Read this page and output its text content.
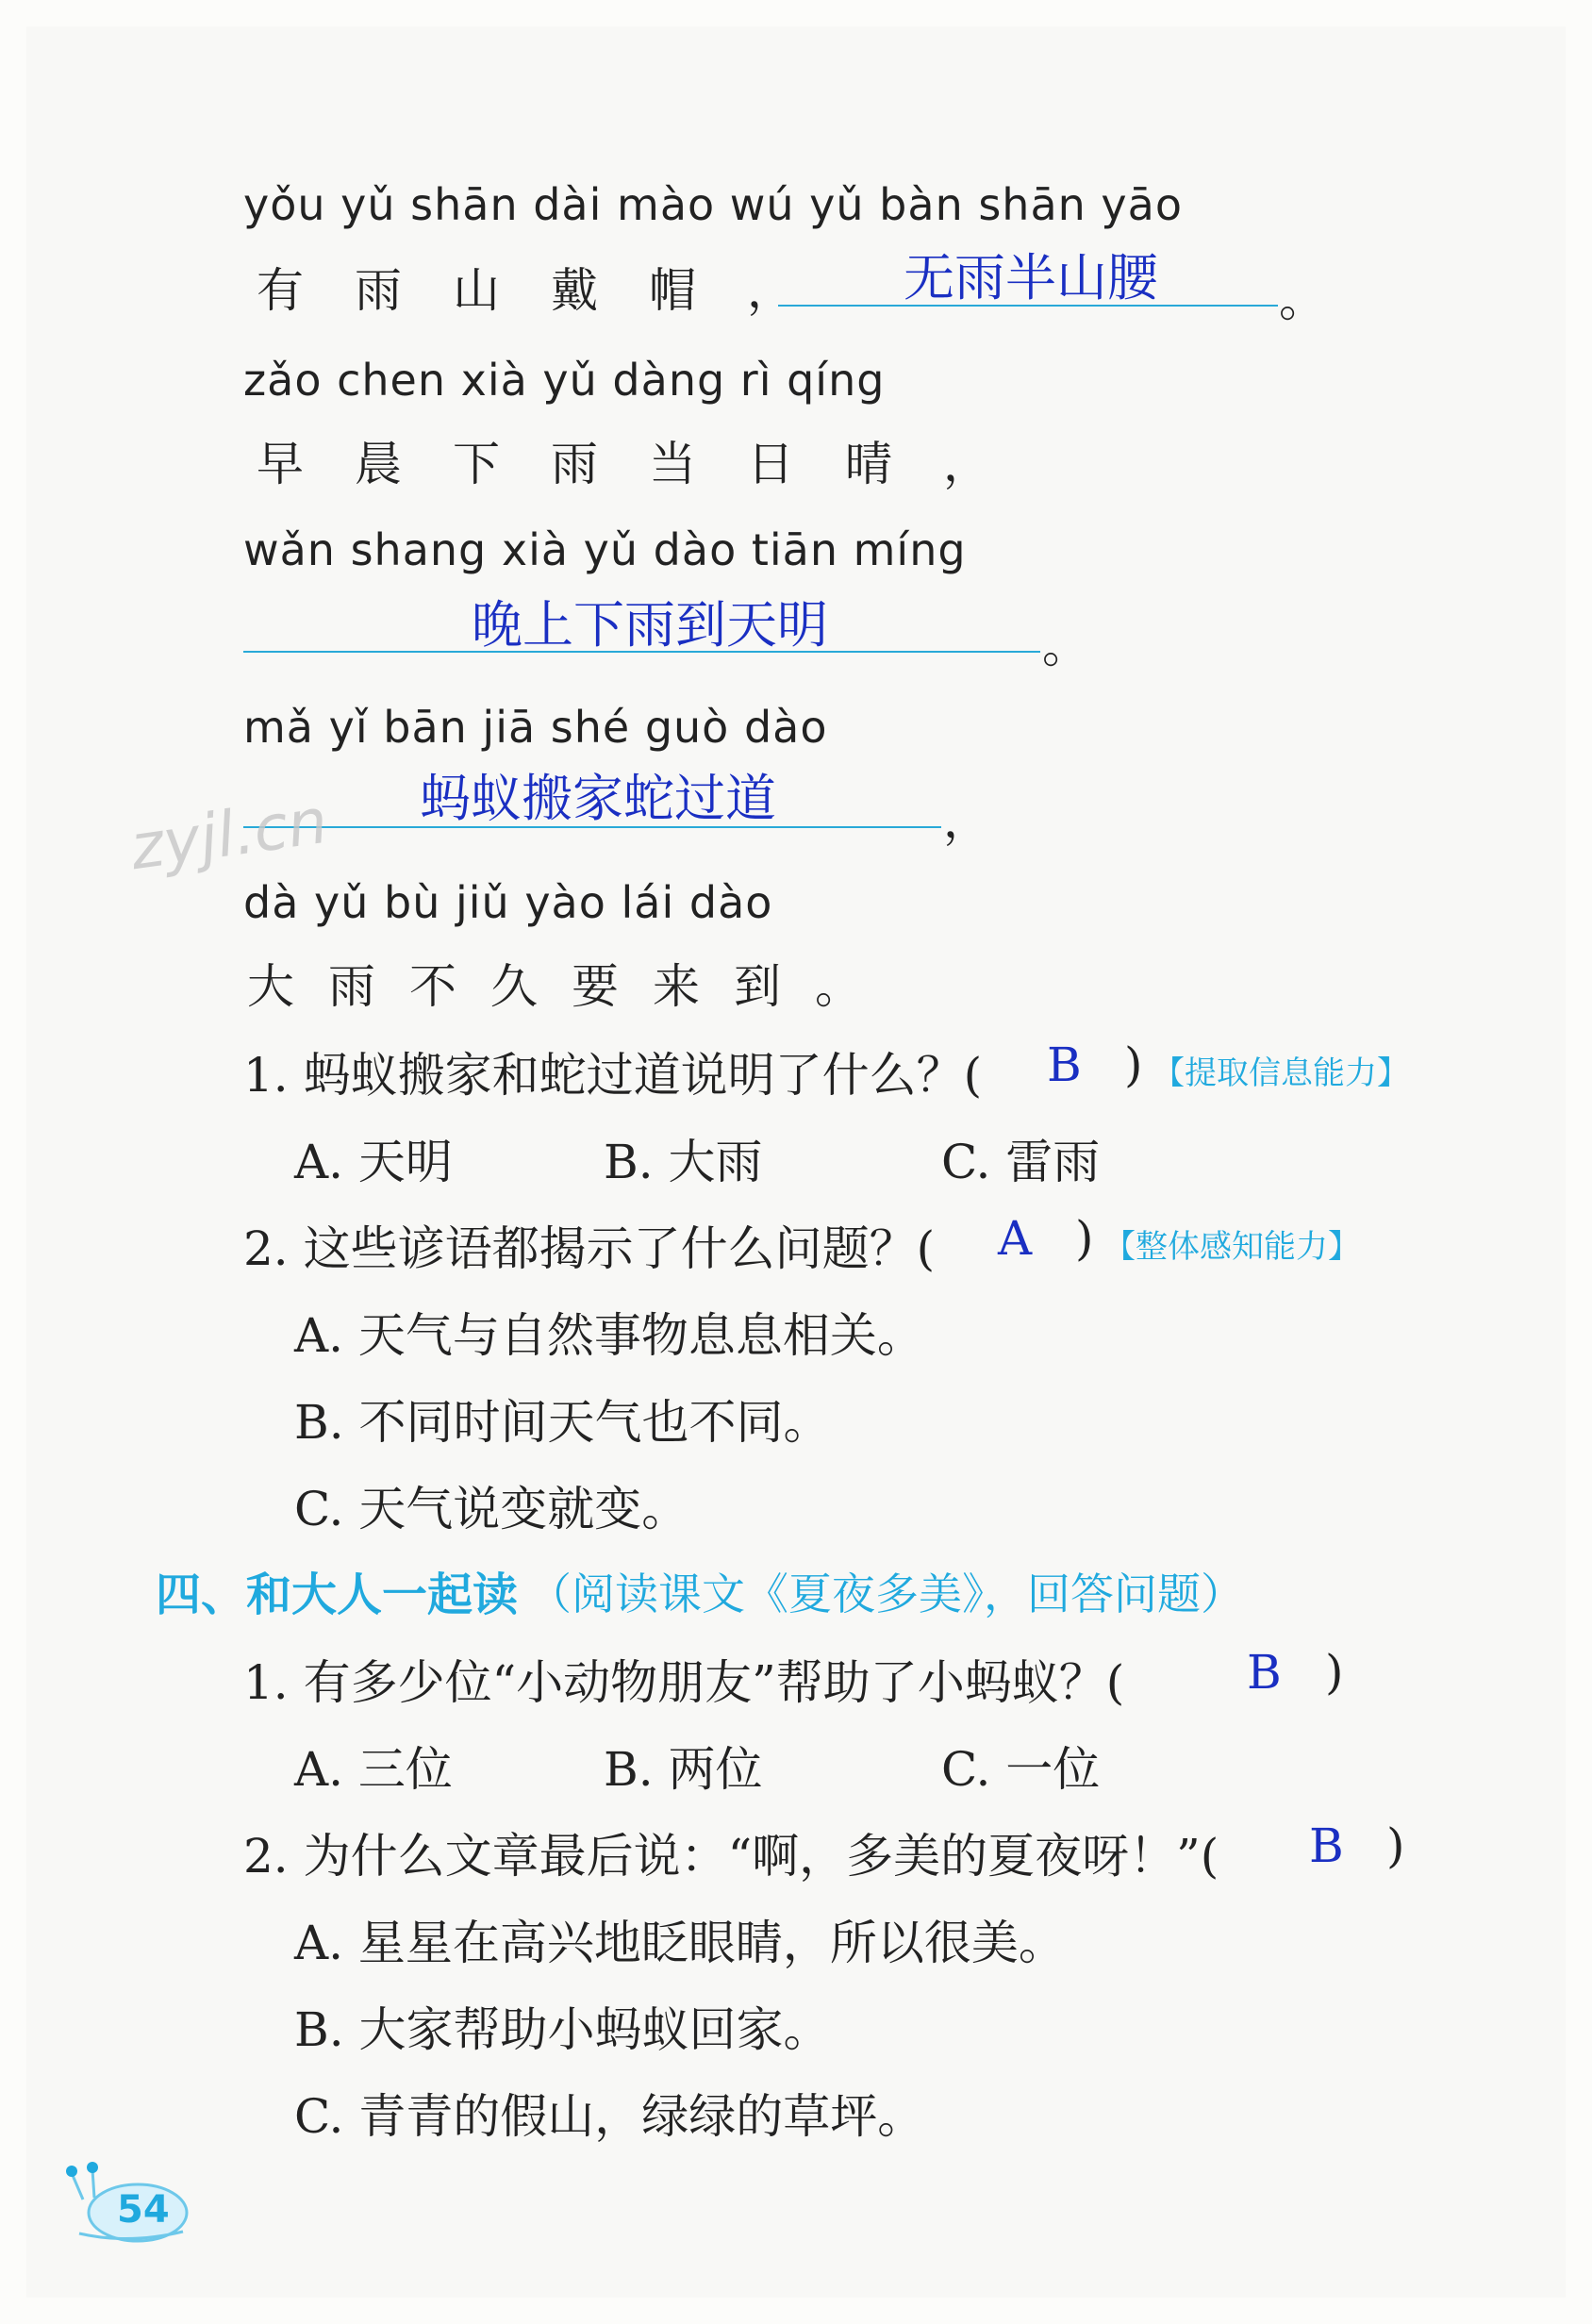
yǒu yǔ shān dài mào wú yǔ bàn shān yāo
有 雨 山 戴 帽 ，	无雨半山腰	。
zǎo chen xià yǔ dàng rì qíng
早 晨 下 雨 当 日 晴 ，
wǎn shang xià yǔ dào tiān míng
晚上下雨到天明	。
mǎ yǐ bān jiā shé guò dào
蚂蚁搬家蛇过道	，
zyjl.cn
dà yǔ bù jiǔ yào lái dào
大 雨 不 久 要 来 到 。
1. 蚂蚁搬家和蛇过道说明了什么？( B ) 【提取信息能力】
A. 天明	B. 大雨	C. 雷雨
2. 这些谚语都揭示了什么问题？( A ) 【整体感知能力】
A. 天气与自然事物息息相关。
B. 不同时间天气也不同。
C. 天气说变就变。
四、和大人一起读 （阅读课文《夏夜多美》，回答问题）
1. 有多少位“小动物朋友”帮助了小蚂蚁？(	B )
A. 三位	B. 两位	C. 一位
2. 为什么文章最后说：“啊，多美的夏夜呀！”( B )
A. 星星在高兴地眨眼睛，所以很美。
B. 大家帮助小蚂蚁回家。
C. 青青的假山，绿绿的草坪。
54
